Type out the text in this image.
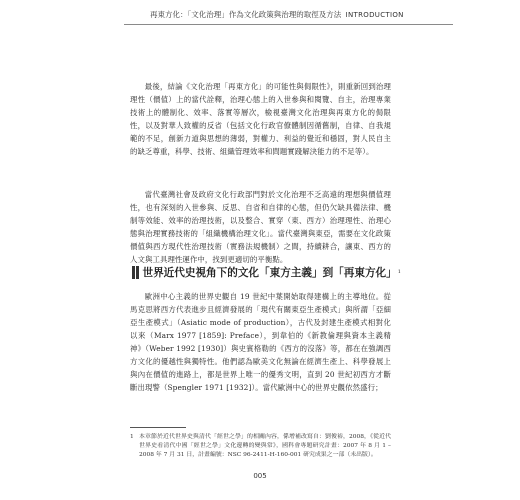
再東方化：「文化治理」作為文化政策與治理的取徑及方法 INTRODUCTION

最後，結論《文化治理「再東方化」的可能性與侷限性》，則重新回到治理理性（價值）上的當代詮釋，治理心態上的入世參與和閱覽、自主，治理專業技術上的體制化、效率、落實等層次，檢視臺灣文化治理與再東方化的侷限性，以及對華人致權的反省（包括文化行政官僚體制因循舊制，自律、自我規範的不足，創新力道與思想的薄弱，對權力、利益的覺近和穩固，對人民自主的缺乏尊重，科學、技術、組織管理效率和問題實踐解決能力的不足等）。

當代臺灣社會及政府文化行政部門對於文化治理不乏高遠的理想與價值理性，也有深刻的入世參與、反思、自省和自律的心態，但仍欠缺具備法律、機制等效能、效率的治理技術，以及整合、實穿（東、西方）治理理性、治理心態與治理實務技術的「組織機構治理文化」。當代臺灣與東亞，需要在文化政策價值與西方現代性治理技術（實務法規機制）之間，持續耕合，讓東、西方的人文與工具理性運作中，找到更適切的平衡點。

世界近代史視角下的文化「東方主義」到「再東方化」 1

歐洲中心主義的世界史觀自 19 世紀中葉開始取得建構上的主導地位。從馬克思將西方代表進步且經濟發展的「現代有關東亞生產模式」與所謂「亞細亞生產模式」（Asiatic mode of production），古代及封建生產模式相對化以來（Marx 1977 [1859]: Preface），到韋伯的《新教倫理與資本主義精神》（Weber 1992 [1930]）與史賓格勒的《西方的沒落》等，都在在強調西方文化的優越性與獨特性。他們認為歐美文化無論在經濟生產上、科學發展上與內在價值的進路上，都是世界上唯一的優秀文明，直到 20 世紀初西方才斷斷出現警（Spengler 1971 [1932]）。當代歐洲中心的世界史觀依然盛行；

1 本章節於近代世界史與清代「經世之學」的相關內容，係增補改寫自：劉俊裕，2008，《從近代世界史看清代中國「經世之學」文化邊轉的變與常》，國科會專題研究計畫：2007 年 8 月 1 – 2008 年 7 月 31 日，計畫編號：NSC 96-2411-H-160-001 研究成果之一部（未出版）。
005
